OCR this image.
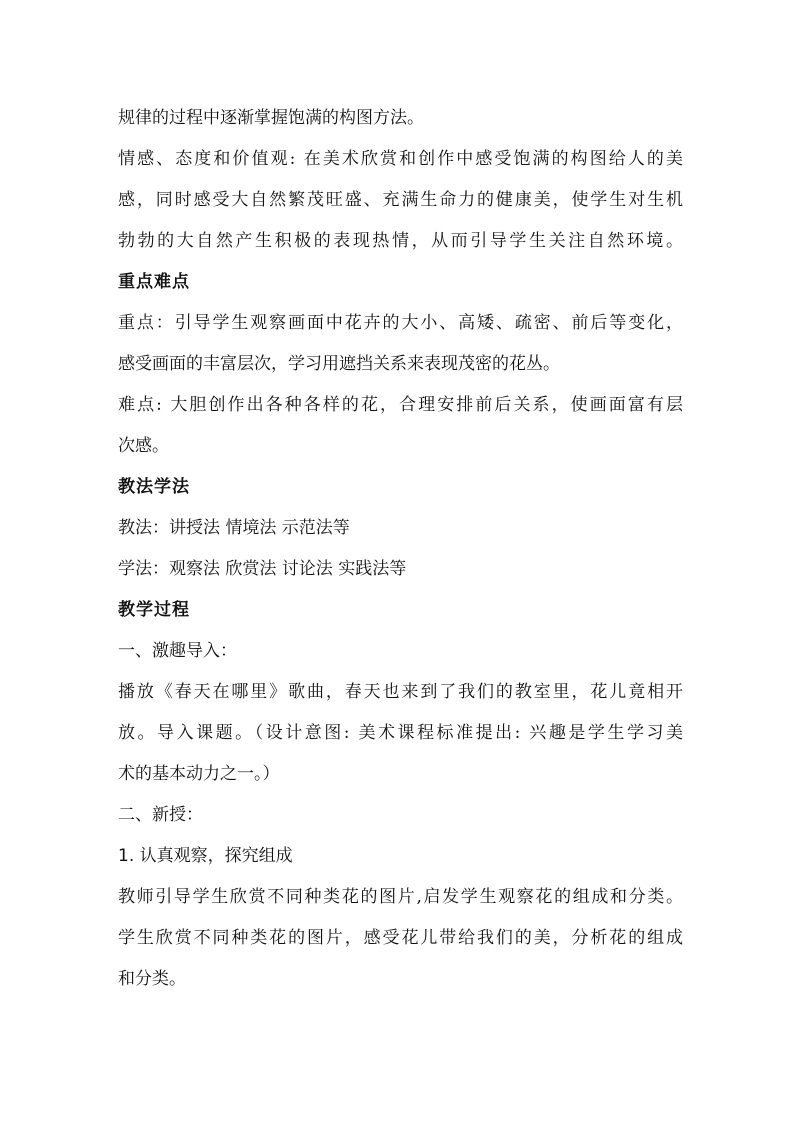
规律的过程中逐渐掌握饱满的构图方法。
情感、态度和价值观: 在美术欣赏和创作中感受饱满的构图给人的美
感，同时感受大自然繁茂旺盛、充满生命力的健康美，使学生对生机
勃勃的大自然产生积极的表现热情，从而引导学生关注自然环境。
重点难点
重点：引导学生观察画面中花卉的大小、高矮、疏密、前后等变化，
感受画面的丰富层次，学习用遮挡关系来表现茂密的花丛。
难点: 大胆创作出各种各样的花，合理安排前后关系，使画面富有层
次感。
教法学法
教法：讲授法 情境法 示范法等
学法：观察法 欣赏法 讨论法 实践法等
教学过程
一、激趣导入：
播放《春天在哪里》歌曲，春天也来到了我们的教室里，花儿竟相开
放。导入课题。（设计意图: 美术课程标准提出: 兴趣是学生学习美
术的基本动力之一。）
二、新授：
1. 认真观察，探究组成
教师引导学生欣赏不同种类花的图片,启发学生观察花的组成和分类。
学生欣赏不同种类花的图片，感受花儿带给我们的美，分析花的组成
和分类。
